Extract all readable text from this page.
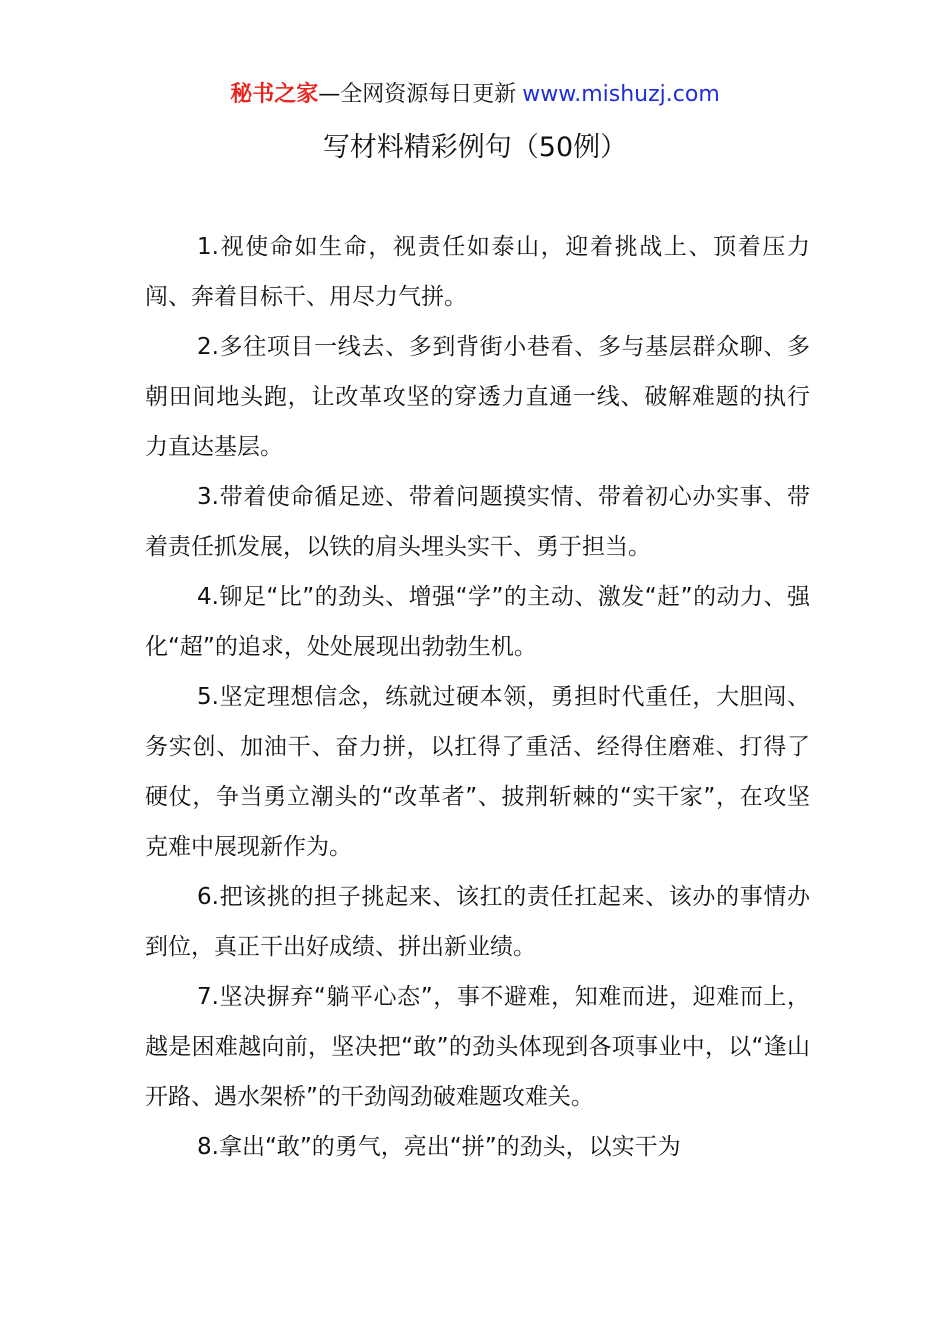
秘书之家—全网资源每日更新 www.mishuzj.com
写材料精彩例句（50例）

1.视使命如生命，视责任如泰山，迎着挑战上、顶着压力闯、奔着目标干、用尽力气拼。

2.多往项目一线去、多到背街小巷看、多与基层群众聊、多朝田间地头跑，让改革攻坚的穿透力直通一线、破解难题的执行力直达基层。

3.带着使命循足迹、带着问题摸实情、带着初心办实事、带着责任抓发展，以铁的肩头埋头实干、勇于担当。

4.铆足“比”的劲头、增强“学”的主动、激发“赶”的动力、强化“超”的追求，处处展现出勃勃生机。

5.坚定理想信念，练就过硬本领，勇担时代重任，大胆闯、务实创、加油干、奋力拼，以扛得了重活、经得住磨难、打得了硬仗，争当勇立潮头的“改革者”、披荆斩棘的“实干家”，在攻坚克难中展现新作为。

6.把该挑的担子挑起来、该扛的责任扛起来、该办的事情办到位，真正干出好成绩、拼出新业绩。

7.坚决摒弃“躺平心态”，事不避难，知难而进，迎难而上，越是困难越向前，坚决把“敢”的劲头体现到各项事业中，以“逢山开路、遇水架桥”的干劲闯劲破难题攻难关。

8.拿出“敢”的勇气，亮出“拼”的劲头，以实干为
